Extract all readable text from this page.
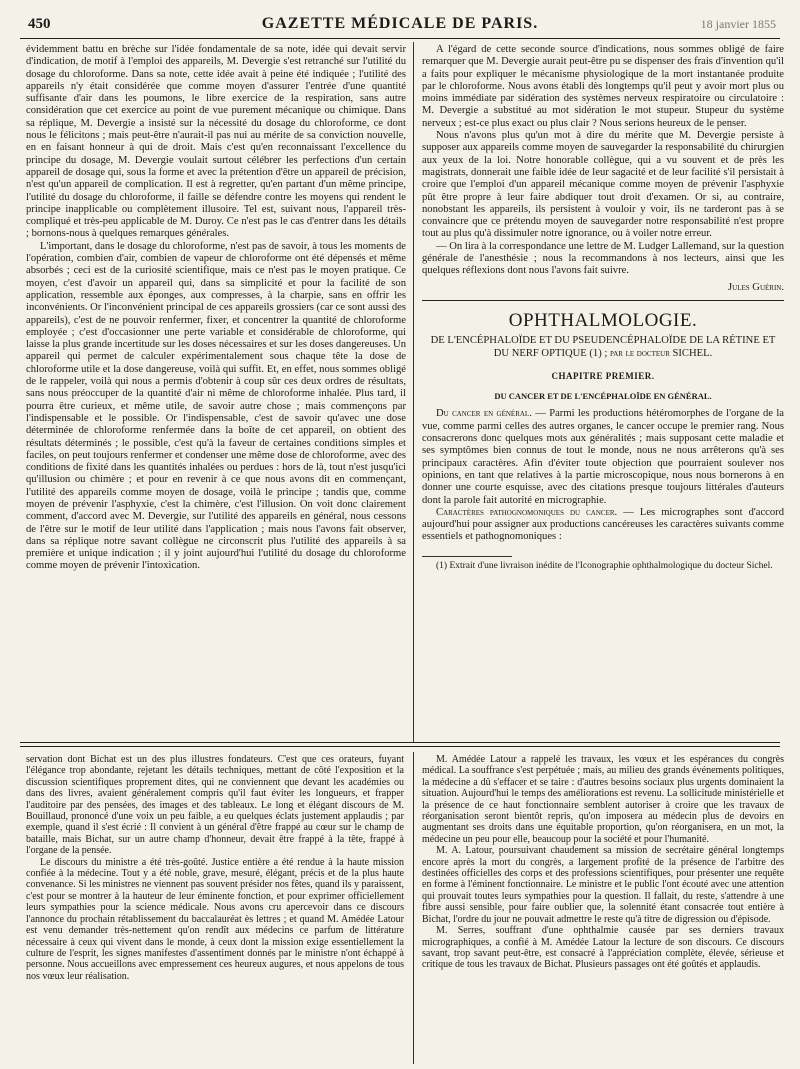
450	GAZETTE MÉDICALE DE PARIS.	18 janvier 1855

évidemment battu en brèche sur l'idée fondamentale de sa note, idée qui devait servir d'indication, de motif à l'emploi des appareils, M. Devergie s'est retranché sur l'utilité du dosage du chloroforme. Dans sa note, cette idée avait à peine été indiquée ; l'utilité des appareils n'y était considérée que comme moyen d'assurer l'entrée d'une quantité suffisante d'air dans les poumons, le libre exercice de la respiration, sans autre considération que cet exercice au point de vue purement mécanique ou chimique. Dans sa réplique, M. Devergie a insisté sur la nécessité du dosage du chloroforme, ce dont nous le félicitons ; mais peut-être n'aurait-il pas nui au mérite de sa conviction nouvelle, en en faisant honneur à qui de droit. Mais c'est qu'en reconnaissant l'excellence du principe du dosage, M. Devergie voulait surtout célébrer les perfections d'un certain appareil de dosage qui, sous la forme et avec la prétention d'être un appareil de précision, n'est qu'un appareil de complication. Il est à regretter, qu'en partant d'un même principe, l'utilité du dosage du chloroforme, il faille se défendre contre les moyens qui rendent le principe inapplicable ou complètement illusoire. Tel est, suivant nous, l'appareil très-compliqué et très-peu applicable de M. Duroy. Ce n'est pas le cas d'entrer dans les détails ; bornons-nous à quelques remarques générales.

L'important, dans le dosage du chloroforme, n'est pas de savoir, à tous les moments de l'opération, combien d'air, combien de vapeur de chloroforme ont été dépensés et même absorbés ; ceci est de la curiosité scientifique, mais ce n'est pas le moyen pratique. Ce moyen, c'est d'avoir un appareil qui, dans sa simplicité et pour la facilité de son application, ressemble aux éponges, aux compresses, à la charpie, sans en offrir les inconvénients. Or l'inconvénient principal de ces appareils grossiers (car ce sont aussi des appareils), c'est de ne pouvoir renfermer, fixer, et concentrer la quantité de chloroforme employée ; c'est d'occasionner une perte variable et considérable de chloroforme, qui laisse la plus grande incertitude sur les doses nécessaires et sur les doses dangereuses. Un appareil qui permet de calculer expérimentalement sous chaque tête la dose de chloroforme utile et la dose dangereuse, voilà qui suffit. Et, en effet, nous sommes obligé de le rappeler, voilà qui nous a permis d'obtenir à coup sûr ces deux ordres de résultats, sans nous préoccuper de la quantité d'air ni même de chloroforme inhalée. Plus tard, il pourra être curieux, et même utile, de savoir autre chose ; mais commençons par l'indispensable et le possible. Or l'indispensable, c'est de savoir qu'avec une dose déterminée de chloroforme renfermée dans la boîte de cet appareil, on obtient des résultats déterminés ; le possible, c'est qu'à la faveur de certaines conditions simples et faciles, on peut toujours renfermer et condenser une même dose de chloroforme, avec des conditions de fixité dans les quantités inhalées ou perdues : hors de là, tout n'est jusqu'ici qu'illusion ou chimère ; et pour en revenir à ce que nous avons dit en commençant, l'utilité des appareils comme moyen de dosage, voilà le principe ; tandis que, comme moyen de prévenir l'asphyxie, c'est la chimère, c'est l'illusion. On voit donc clairement comment, d'accord avec M. Devergie, sur l'utilité des appareils en général, nous cessons de l'être sur le motif de leur utilité dans l'application ; mais nous l'avons fait observer, dans sa réplique notre savant collègue ne circonscrit plus l'utilité des appareils à sa première et unique indication ; il y joint aujourd'hui l'utilité du dosage du chloroforme comme moyen de prévenir l'intoxication.

A l'égard de cette seconde source d'indications, nous sommes obligé de faire remarquer que M. Devergie aurait peut-être pu se dispenser des frais d'invention qu'il a faits pour expliquer le mécanisme physiologique de la mort instantanée produite par le chloroforme. Nous avons établi dès longtemps qu'il peut y avoir mort plus ou moins immédiate par sidération des systèmes nerveux respiratoire ou circulatoire : M. Devergie a substitué au mot sidération le mot stupeur. Stupeur du système nerveux ; est-ce plus exact ou plus clair ? Nous serions heureux de le penser.

Nous n'avons plus qu'un mot à dire du mérite que M. Devergie persiste à supposer aux appareils comme moyen de sauvegarder la responsabilité du chirurgien aux yeux de la loi. Notre honorable collègue, qui a vu souvent et de près les magistrats, donnerait une faible idée de leur sagacité et de leur facilité s'il persistait à croire que l'emploi d'un appareil mécanique comme moyen de prévenir l'asphyxie pût être propre à leur faire abdiquer tout droit d'examen. Or si, au contraire, nonobstant les appareils, ils persistent à vouloir y voir, ils ne tarderont pas à se convaincre que ce prétendu moyen de sauvegarder notre responsabilité n'est propre tout au plus qu'à dissimuler notre ignorance, ou à voiler notre erreur.

— On lira à la correspondance une lettre de M. Ludger Lallemand, sur la question générale de l'anesthésie ; nous la recommandons à nos lecteurs, ainsi que les quelques réflexions dont nous l'avons fait suivre.

Jules Guérin.

OPHTHALMOLOGIE.
DE L'ENCÉPHALOÏDE ET DU PSEUDENCÉPHALOÏDE DE LA RÉTINE ET DU NERF OPTIQUE (1) ; par le docteur SICHEL.
CHAPITRE PREMIER.
DU CANCER ET DE L'ENCÉPHALOÏDE EN GÉNÉRAL.

Du cancer en général. — Parmi les productions hétéromorphes de l'organe de la vue, comme parmi celles des autres organes, le cancer occupe le premier rang. Nous consacrerons donc quelques mots aux généralités ; mais supposant cette maladie et ses symptômes bien connus de tout le monde, nous ne nous arrêterons qu'à ses principaux caractères. Afin d'éviter toute objection que pourraient soulever nos opinions, en tant que relatives à la partie microscopique, nous nous bornerons à en donner une courte esquisse, avec des citations presque toujours littérales d'auteurs dont la parole fait autorité en micrographie.

Caractères pathognomoniques du cancer. — Les micrographes sont d'accord aujourd'hui pour assigner aux productions cancéreuses les caractères suivants comme essentiels et pathognomoniques :

(1) Extrait d'une livraison inédite de l'Iconographie ophthalmologique du docteur Sichel.

servation dont Bichat est un des plus illustres fondateurs. C'est que ces orateurs, fuyant l'élégance trop abondante, rejetant les détails techniques, mettant de côté l'exposition et la discussion scientifiques proprement dites, qui ne conviennent que devant les académies ou dans des livres, avaient généralement compris qu'il faut éviter les longueurs, et frapper l'auditoire par des pensées, des images et des tableaux. Le long et élégant discours de M. Bouillaud, prononcé d'une voix un peu faible, a eu quelques éclats justement applaudis ; par exemple, quand il s'est écrié : Il convient à un général d'être frappé au cœur sur le champ de bataille, mais Bichat, sur un autre champ d'honneur, devait être frappé à la tête, frappé à l'organe de la pensée.

Le discours du ministre a été très-goûté. Justice entière a été rendue à la haute mission confiée à la médecine. Tout y a été noble, grave, mesuré, élégant, précis et de la plus haute convenance. Si les ministres ne viennent pas souvent présider nos fêtes, quand ils y paraissent, c'est pour se montrer à la hauteur de leur éminente fonction, et pour exprimer officiellement leurs sympathies pour la science médicale. Nous avons cru apercevoir dans ce discours l'annonce du prochain rétablissement du baccalauréat ès lettres ; et quand M. Amédée Latour est venu demander très-nettement qu'on rendît aux médecins ce parfum de littérature nécessaire à ceux qui vivent dans le monde, à ceux dont la mission exige essentiellement la culture de l'esprit, les signes manifestes d'assentiment donnés par le ministre n'ont échappé à personne. Nous accueillons avec empressement ces heureux augures, et nous appelons de tous nos vœux leur réalisation.

M. Amédée Latour a rappelé les travaux, les vœux et les espérances du congrès médical. La souffrance s'est perpétuée ; mais, au milieu des grands événements politiques, la médecine a dû s'effacer et se taire : d'autres besoins sociaux plus urgents dominaient la situation. Aujourd'hui le temps des améliorations est revenu. La sollicitude ministérielle et la présence de ce haut fonctionnaire semblent autoriser à croire que les travaux de réorganisation seront bientôt repris, qu'on imposera au médecin plus de devoirs en augmentant ses droits dans une équitable proportion, qu'on réorganisera, en un mot, la médecine un peu pour elle, beaucoup pour la société et pour l'humanité.

M. A. Latour, poursuivant chaudement sa mission de secrétaire général longtemps encore après la mort du congrès, a largement profité de la présence de l'arbitre des destinées officielles des corps et des professions scientifiques, pour présenter une requête en forme à l'éminent fonctionnaire. Le ministre et le public l'ont écouté avec une attention qui prouvait toutes leurs sympathies pour la question. Il fallait, du reste, s'attendre à une fibre aussi sensible, pour faire oublier que, la solennité étant consacrée tout entière à Bichat, l'ordre du jour ne pouvait admettre le reste qu'à titre de digression ou d'épisode.

M. Serres, souffrant d'une ophthalmie causée par ses derniers travaux micrographiques, a confié à M. Amédée Latour la lecture de son discours. Ce discours savant, trop savant peut-être, est consacré à l'appréciation complète, élevée, sérieuse et critique de tous les travaux de Bichat. Plusieurs passages ont été goûtés et applaudis.
